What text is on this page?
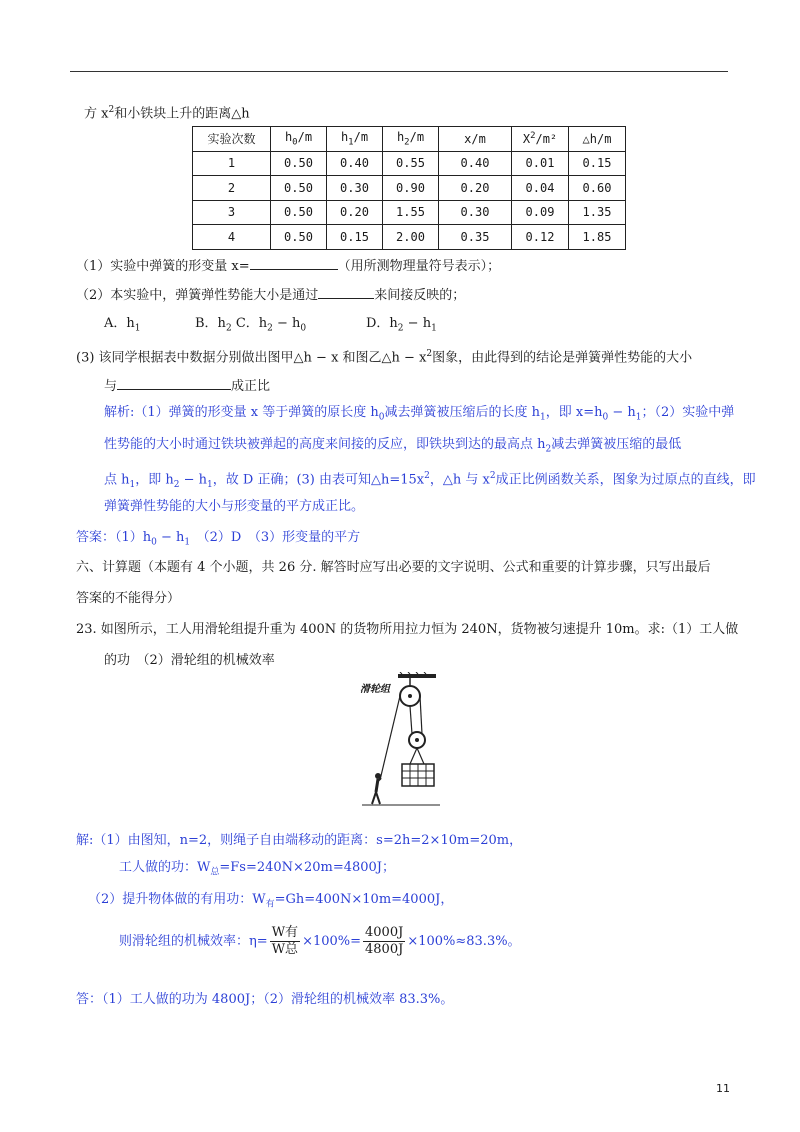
方 $x^2$和小铁块上升的距离△h
实验次数	$h_0/m$	$h_1/m$	$h_2/m$	x/m	$X^2/m^2$	△h/m
1	0.50	0.40	0.55	0.40	0.01	0.15
2	0.50	0.30	0.90	0.20	0.04	0.60
3	0.50	0.20	1.55	0.30	0.09	1.35
4	0.50	0.15	2.00	0.35	0.12	1.85
（1）实验中弹簧的形变量 x=	（用所测物理量符号表示）；
（2）本实验中，弹簧弹性势能大小是通过	来间接反映的；
A．$h_1$	B．$h_2$ C．$h_2 - h_0$	D．$h_2 - h_1$
(3) 该同学根据表中数据分别做出图甲△h − x 和图乙△h − $x^2$图象，由此得到的结论是弹簧弹性势能的大小
与	成正比
解析:（1）弹簧的形变量 x 等于弹簧的原长度 $h_0$减去弹簧被压缩后的长度 $h_1$，即 $x=h_0 - h_1$；（2）实验中弹
性势能的大小时通过铁块被弹起的高度来间接的反应，即铁块到达的最高点 $h_2$减去弹簧被压缩的最低
点 $h_1$，即 $h_2 - h_1$，故 D 正确；(3) 由表可知$\triangle h=15x^2$，△h 与 $x^2$成正比例函数关系，图象为过原点的直线，即
弹簧弹性势能的大小与形变量的平方成正比。
答案：$(1)h_0 - h_1$　（2）D　（3）形变量的平方
六、计算题（本题有 4 个小题，共 26 分. 解答时应写出必要的文字说明、公式和重要的计算步骤，只写出最后
答案的不能得分）
23. 如图所示，工人用滑轮组提升重为 400N 的货物所用拉力恒为 240N，货物被匀速提升 10m。求:（1）工人做
的功　（2）滑轮组的机械效率
滑轮组
解:（1）由图知，n=2，则绳子自由端移动的距离：s=2h=2×10m=20m，
工人做的功：$W_总=Fs=240N\times 20m=4800J$；
（2）提升物体做的有用功：$W_有=Gh=400N\times 10m=4000J$，
则滑轮组的机械效率：$\eta= \frac{\text{W有}}{\text{W总}} \times 100\%= \frac{4000J}{4800J} \times 100\%\approx 83.3\%$。
答：（1）工人做的功为 4800J；（2）滑轮组的机械效率 83.3%。
11
